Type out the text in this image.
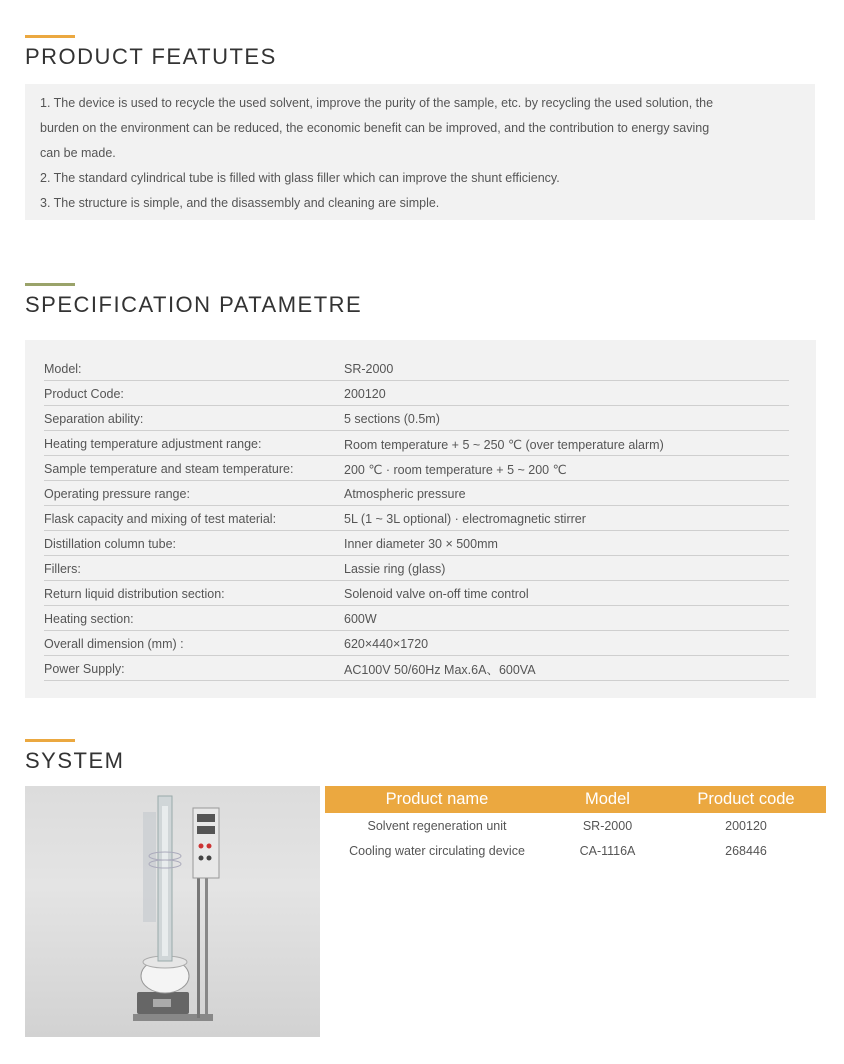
PRODUCT FEATUTES

1. The device is used to recycle the used solvent, improve the purity of the sample, etc. by recycling the used solution, the

burden on the environment can be reduced, the economic benefit can be improved, and the contribution to energy saving

can be made.

2. The standard cylindrical tube is filled with glass filler which can improve the shunt efficiency.

3. The structure is simple, and the disassembly and cleaning are simple.

SPECIFICATION PATAMETRE
Model:	SR-2000
Product Code:	200120
Separation ability:	5 sections (0.5m)
Heating temperature adjustment range:	Room temperature + 5 ~ 250 ℃ (over temperature alarm)
Sample temperature and steam temperature:	200 ℃ · room temperature + 5 ~ 200 ℃
Operating pressure range:	Atmospheric pressure
Flask capacity and mixing of test material:	5L (1 ~ 3L optional) · electromagnetic stirrer
Distillation column tube:	Inner diameter 30 × 500mm
Fillers:	Lassie ring (glass)
Return liquid distribution section:	Solenoid valve on-off time control
Heating section:	600W
Overall dimension (mm) :	620×440×1720
Power Supply:	AC100V 50/60Hz Max.6A、600VA
SYSTEM
Product name	Model	Product code
Solvent regeneration unit	SR-2000	200120
Cooling water circulating device	CA-1116A	268446
